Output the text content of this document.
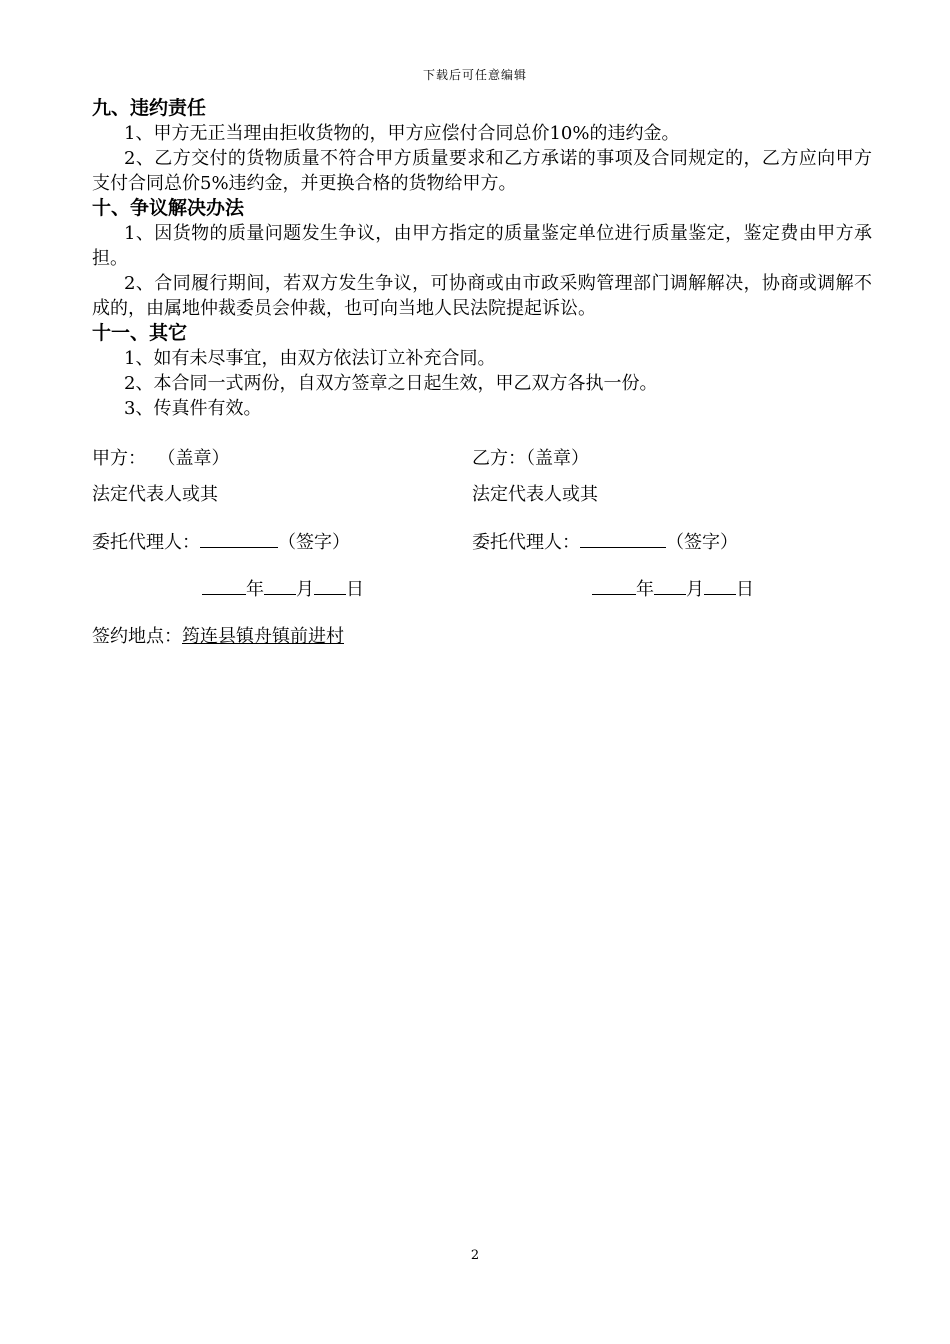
下载后可任意编辑
九、违约责任
1、甲方无正当理由拒收货物的，甲方应偿付合同总价10%的违约金。
2、乙方交付的货物质量不符合甲方质量要求和乙方承诺的事项及合同规定的，乙方应向甲方支付合同总价5%违约金，并更换合格的货物给甲方。
十、争议解决办法
1、因货物的质量问题发生争议，由甲方指定的质量鉴定单位进行质量鉴定，鉴定费由甲方承担。
2、合同履行期间，若双方发生争议，可协商或由市政采购管理部门调解解决，协商或调解不成的，由属地仲裁委员会仲裁，也可向当地人民法院提起诉讼。
十一、其它
1、如有未尽事宜，由双方依法订立补充合同。
2、本合同一式两份，自双方签章之日起生效，甲乙双方各执一份。
3、传真件有效。
甲方：  （盖章）	乙方：（盖章）
法定代表人或其	法定代表人或其
委托代理人：	（签字）	委托代理人：	（签字）
年 月 日	年 月 日
签约地点：筠连县镇舟镇前进村
2
